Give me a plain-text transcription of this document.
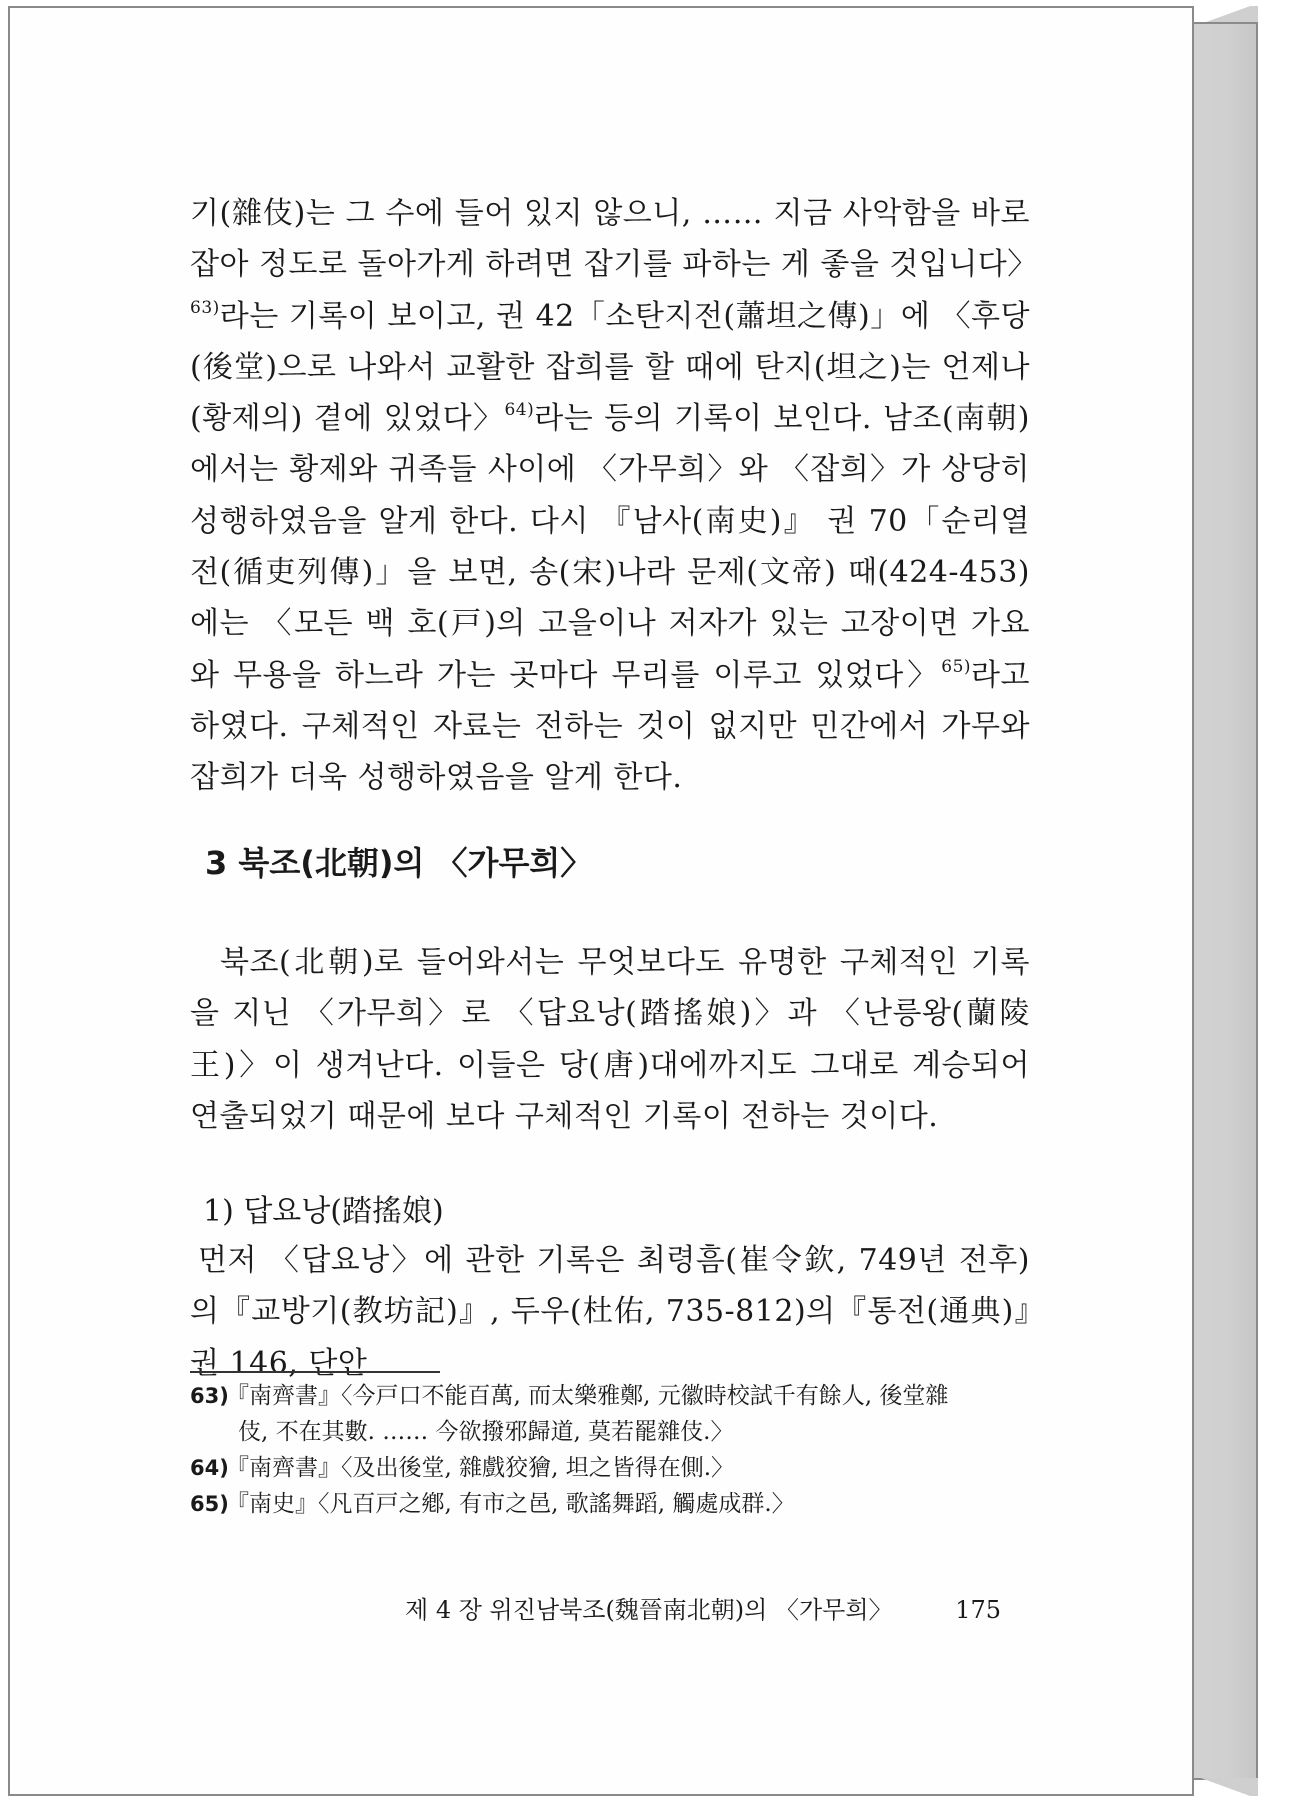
기(雜伎)는 그 수에 들어 있지 않으니, …… 지금 사악함을 바로잡아 정도로 돌아가게 하려면 잡기를 파하는 게 좋을 것입니다〉$^{63)}$라는 기록이 보이고, 권 42「소탄지전(蕭坦之傳)」에 〈후당(後堂)으로 나와서 교활한 잡희를 할 때에 탄지(坦之)는 언제나 (황제의) 곁에 있었다〉$^{64)}$라는 등의 기록이 보인다. 남조(南朝)에서는 황제와 귀족들 사이에 〈가무희〉와 〈잡희〉가 상당히 성행하였음을 알게 한다. 다시 『남사(南史)』 권 70「순리열전(循吏列傳)」을 보면, 송(宋)나라 문제(文帝) 때(424-453)에는 〈모든 백 호(戸)의 고을이나 저자가 있는 고장이면 가요와 무용을 하느라 가는 곳마다 무리를 이루고 있었다〉$^{65)}$라고 하였다. 구체적인 자료는 전하는 것이 없지만 민간에서 가무와 잡희가 더욱 성행하였음을 알게 한다.

3 북조(北朝)의 〈가무희〉

북조(北朝)로 들어와서는 무엇보다도 유명한 구체적인 기록을 지닌 〈가무희〉로 〈답요낭(踏搖娘)〉과 〈난릉왕(蘭陵王)〉이 생겨난다. 이들은 당(唐)대에까지도 그대로 계승되어 연출되었기 때문에 보다 구체적인 기록이 전하는 것이다.

1) 답요낭(踏搖娘)

먼저 〈답요낭〉에 관한 기록은 최령흠(崔令欽, 749년 전후)의『교방기(教坊記)』, 두우(杜佑, 735-812)의『통전(通典)』권 146, 단안

63)
『南齊書』〈今戸口不能百萬, 而太樂雅鄭, 元徽時校試千有餘人, 後堂雜
伎, 不在其數. …… 今欲撥邪歸道, 莫若罷雜伎.〉
64)
『南齊書』〈及出後堂, 雜戲狡獪, 坦之皆得在側.〉
65)
『南史』〈凡百戸之鄕, 有市之邑, 歌謠舞蹈, 觸處成群.〉
제 4 장 위진남북조(魏晉南北朝)의 〈가무희〉	175
